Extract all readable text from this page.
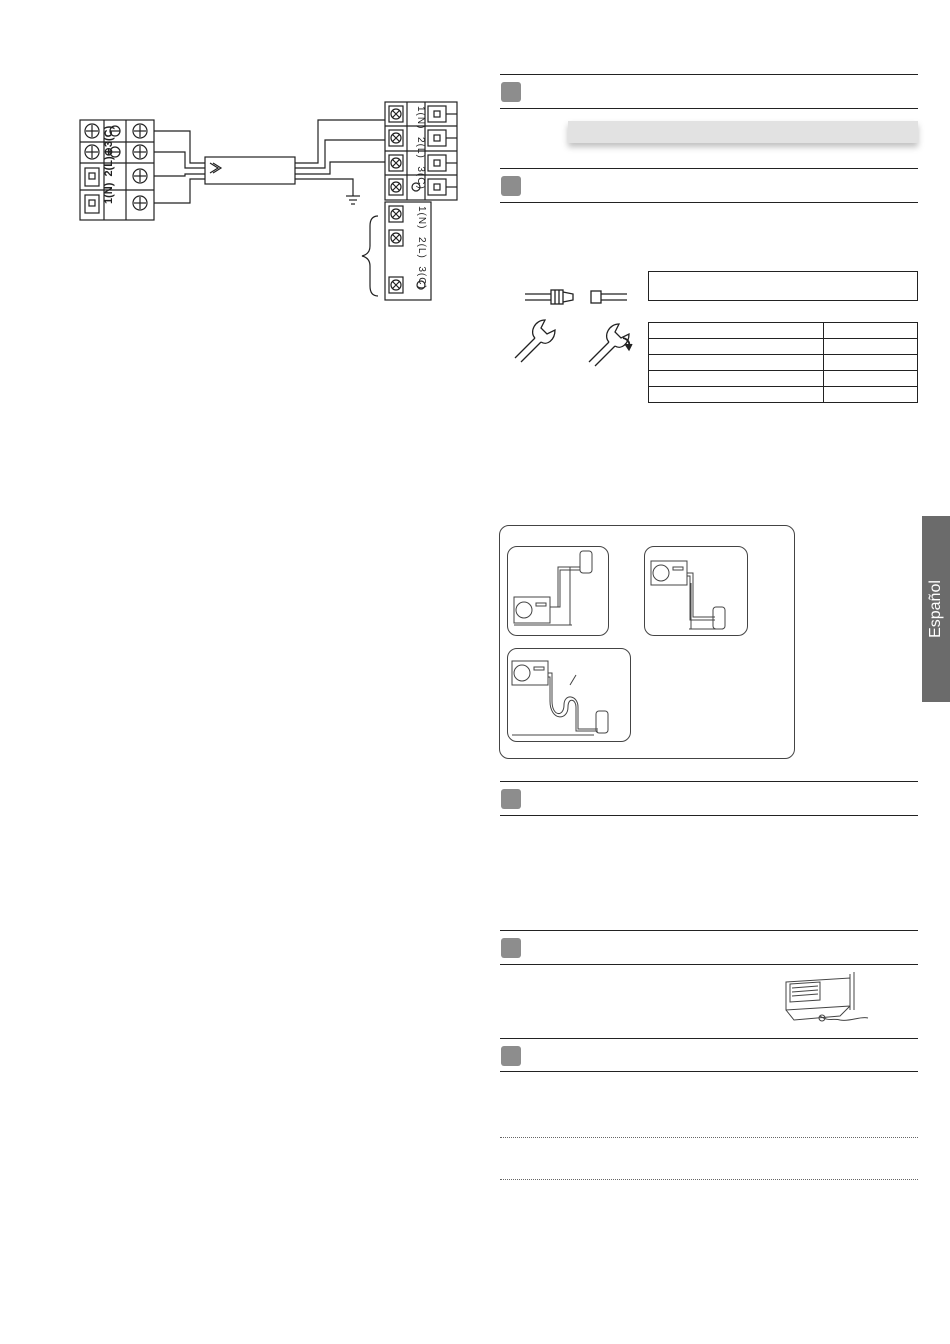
1(N)  2(L)⊕3(C)
1(N)  2(L)  3(C)
1(N)  2(L)  3(C)

Español
